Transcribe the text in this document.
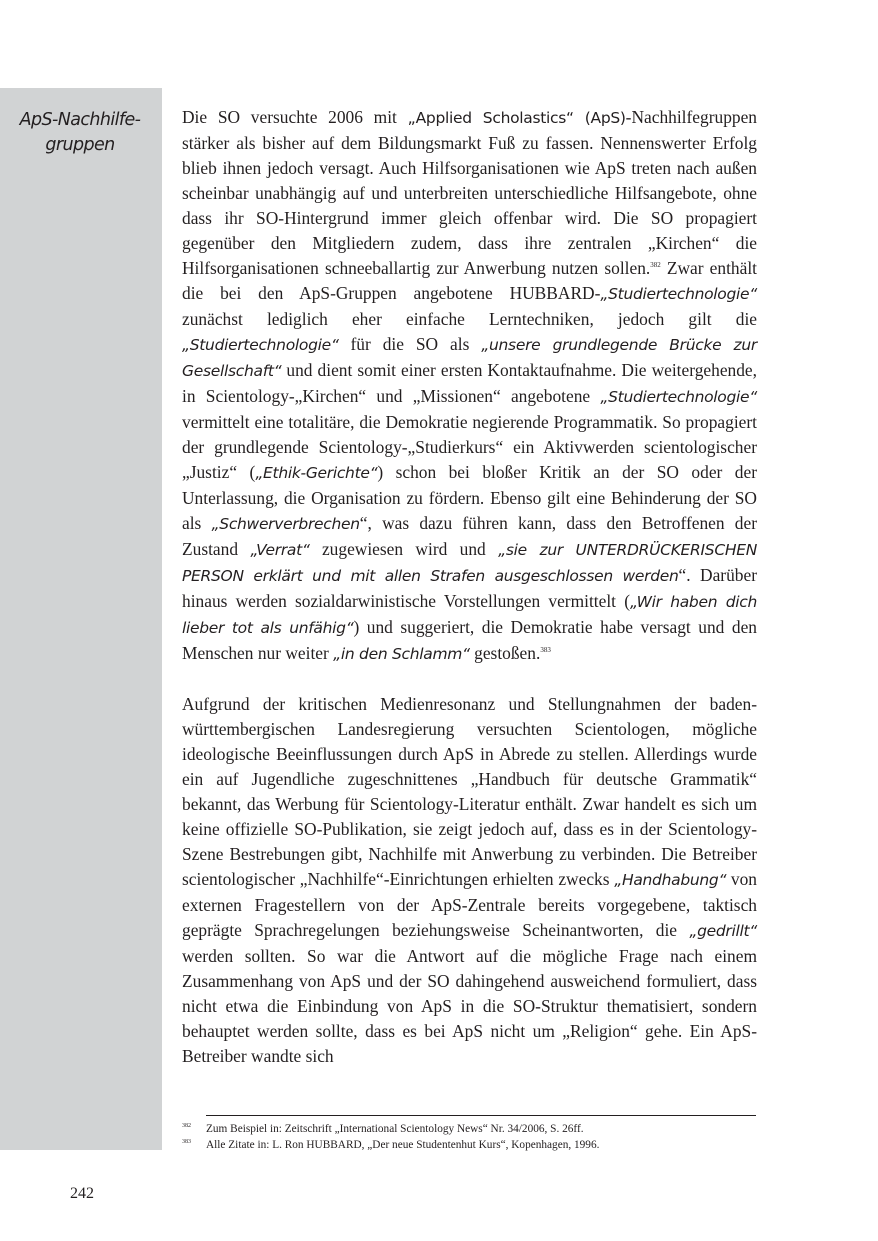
ApS-Nachhilfe-
gruppen

Die SO versuchte 2006 mit „Applied Scholastics“ (ApS)-Nachhilfegruppen stärker als bisher auf dem Bildungsmarkt Fuß zu fassen. Nennenswerter Erfolg blieb ihnen jedoch versagt. Auch Hilfsorganisationen wie ApS treten nach außen scheinbar unabhängig auf und unterbreiten unterschiedliche Hilfsangebote, ohne dass ihr SO-Hintergrund immer gleich offenbar wird. Die SO propagiert gegenüber den Mitgliedern zudem, dass ihre zentralen „Kirchen“ die Hilfsorganisationen schneeballartig zur Anwerbung nutzen sollen.$^{382}$ Zwar enthält die bei den ApS-Gruppen angebotene HUBBARD-„Studiertechnologie“ zunächst lediglich eher einfache Lerntechniken, jedoch gilt die „Studiertechnologie“ für die SO als „unsere grundlegende Brücke zur Gesellschaft“ und dient somit einer ersten Kontaktaufnahme. Die weitergehende, in Scientology-„Kirchen“ und „Missionen“ angebotene „Studiertechnologie“ vermittelt eine totalitäre, die Demokratie negierende Programmatik. So propagiert der grundlegende Scientology-„Studierkurs“ ein Aktivwerden scientologischer „Justiz“ („Ethik-Gerichte“) schon bei bloßer Kritik an der SO oder der Unterlassung, die Organisation zu fördern. Ebenso gilt eine Behinderung der SO als „Schwerverbrechen“, was dazu führen kann, dass den Betroffenen der Zustand „Verrat“ zugewiesen wird und „sie zur UNTERDRÜCKERISCHEN PERSON erklärt und mit allen Strafen ausgeschlossen werden“. Darüber hinaus werden sozialdarwinistische Vorstellungen vermittelt („Wir haben dich lieber tot als unfähig“) und suggeriert, die Demokratie habe versagt und den Menschen nur weiter „in den Schlamm“ gestoßen.$^{383}$

Aufgrund der kritischen Medienresonanz und Stellungnahmen der baden-württembergischen Landesregierung versuchten Scientologen, mögliche ideologische Beeinflussungen durch ApS in Abrede zu stellen. Allerdings wurde ein auf Jugendliche zugeschnittenes „Handbuch für deutsche Grammatik“ bekannt, das Werbung für Scientology-Literatur enthält. Zwar handelt es sich um keine offizielle SO-Publikation, sie zeigt jedoch auf, dass es in der Scientology-Szene Bestrebungen gibt, Nachhilfe mit Anwerbung zu verbinden. Die Betreiber scientologischer „Nachhilfe“-Einrichtungen erhielten zwecks „Handhabung“ von externen Fragestellern von der ApS-Zentrale bereits vorgegebene, taktisch geprägte Sprachregelungen beziehungsweise Scheinantworten, die „gedrillt“ werden sollten. So war die Antwort auf die mögliche Frage nach einem Zusammenhang von ApS und der SO dahingehend ausweichend formuliert, dass nicht etwa die Einbindung von ApS in die SO-Struktur thematisiert, sondern behauptet werden sollte, dass es bei ApS nicht um „Religion“ gehe. Ein ApS-Betreiber wandte sich

382	Zum Beispiel in: Zeitschrift „International Scientology News“ Nr. 34/2006, S. 26ff.
383	Alle Zitate in: L. Ron HUBBARD, „Der neue Studentenhut Kurs“, Kopenhagen, 1996.
242
